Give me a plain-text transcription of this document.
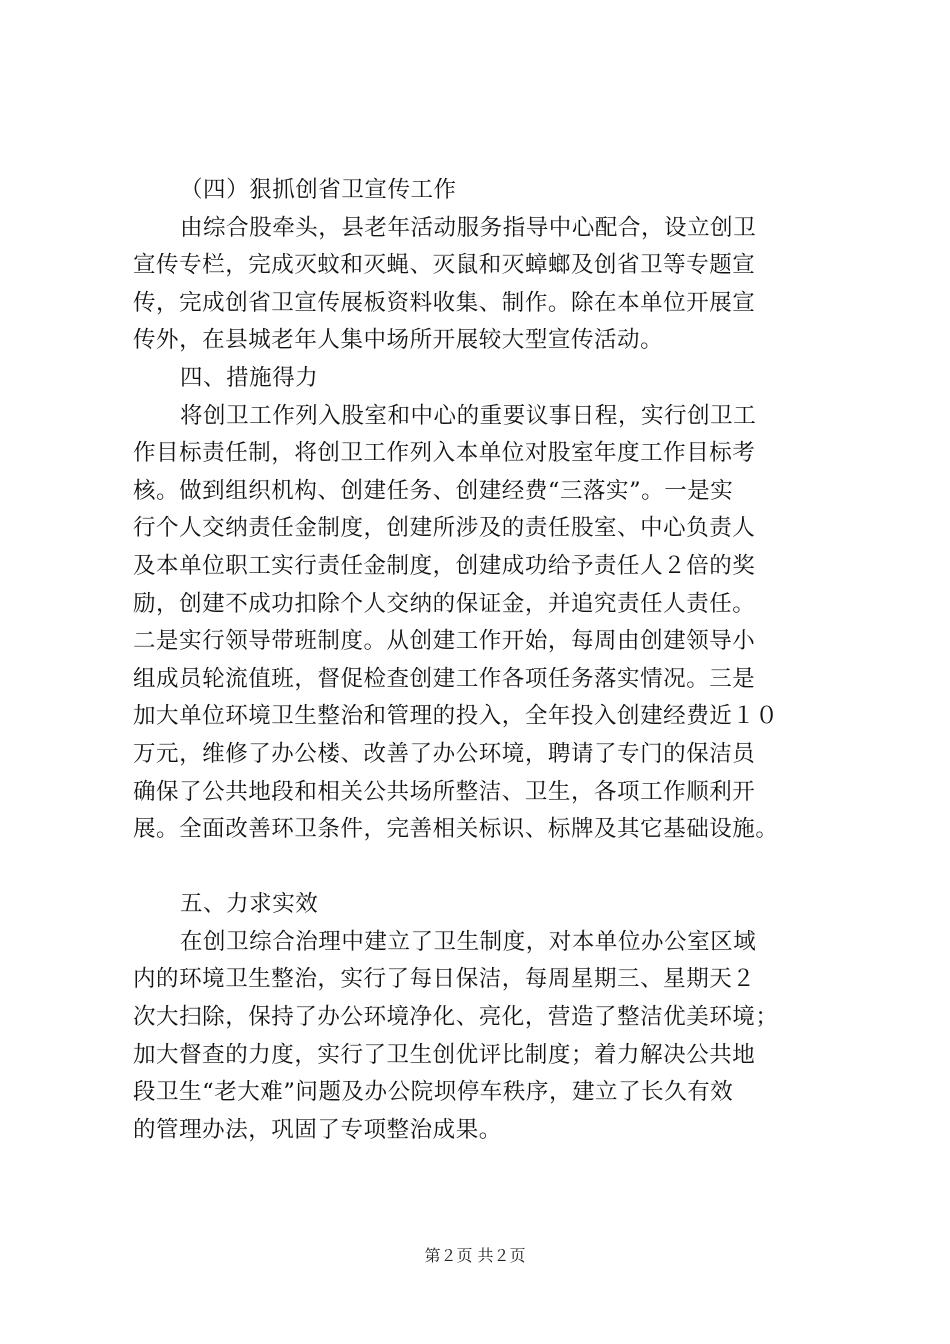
（四）狠抓创省卫宣传工作
由综合股牵头，县老年活动服务指导中心配合，设立创卫
宣传专栏，完成灭蚊和灭蝇、灭鼠和灭蟑螂及创省卫等专题宣
传，完成创省卫宣传展板资料收集、制作。除在本单位开展宣
传外，在县城老年人集中场所开展较大型宣传活动。
四、措施得力
将创卫工作列入股室和中心的重要议事日程，实行创卫工
作目标责任制，将创卫工作列入本单位对股室年度工作目标考
核。做到组织机构、创建任务、创建经费“三落实”。一是实
行个人交纳责任金制度，创建所涉及的责任股室、中心负责人
及本单位职工实行责任金制度，创建成功给予责任人２倍的奖
励，创建不成功扣除个人交纳的保证金，并追究责任人责任。
二是实行领导带班制度。从创建工作开始，每周由创建领导小
组成员轮流值班，督促检查创建工作各项任务落实情况。三是
加大单位环境卫生整治和管理的投入，全年投入创建经费近１０
万元，维修了办公楼、改善了办公环境，聘请了专门的保洁员
确保了公共地段和相关公共场所整洁、卫生，各项工作顺利开
展。全面改善环卫条件，完善相关标识、标牌及其它基础设施。
五、力求实效
在创卫综合治理中建立了卫生制度，对本单位办公室区域
内的环境卫生整治，实行了每日保洁，每周星期三、星期天２
次大扫除，保持了办公环境净化、亮化，营造了整洁优美环境；
加大督查的力度，实行了卫生创优评比制度；着力解决公共地
段卫生“老大难”问题及办公院坝停车秩序，建立了长久有效
的管理办法，巩固了专项整治成果。
第２页 共２页
